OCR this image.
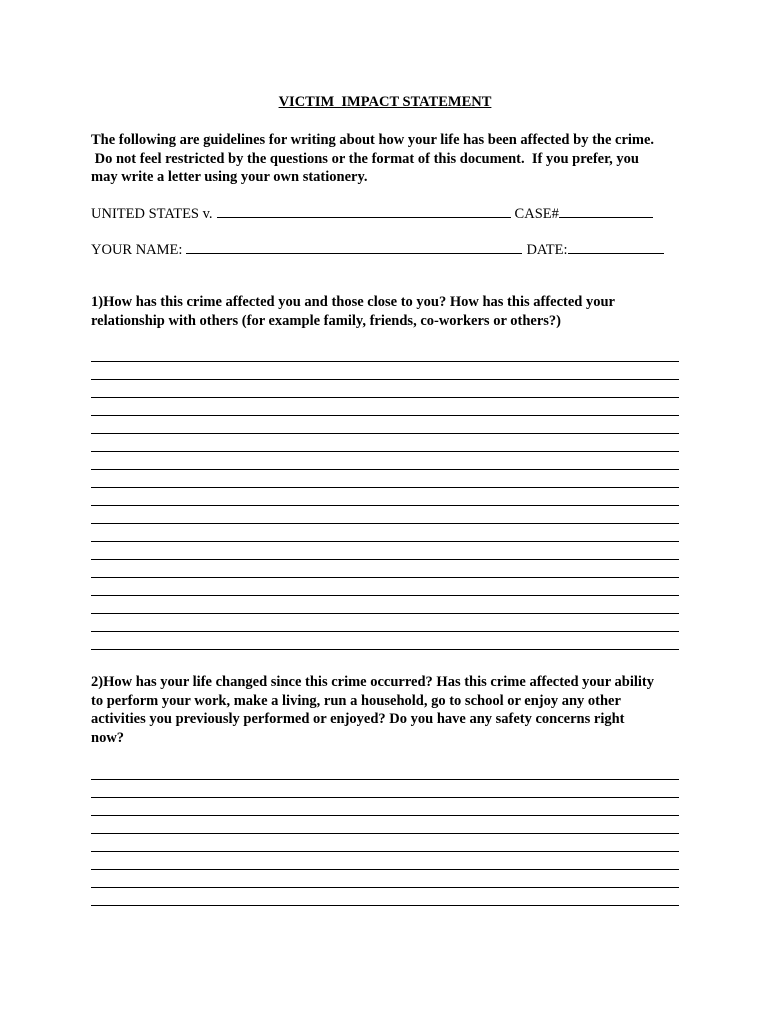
VICTIM  IMPACT STATEMENT
The following are guidelines for writing about how your life has been affected by the crime.
Do not feel restricted by the questions or the format of this document.  If you prefer, you
may write a letter using your own stationery.
UNITED STATES v.	CASE#
YOUR NAME:	DATE:
1)How has this crime affected you and those close to you? How has this affected your
relationship with others (for example family, friends, co-workers or others?)
2)How has your life changed since this crime occurred? Has this crime affected your ability
to perform your work, make a living, run a household, go to school or enjoy any other
activities you previously performed or enjoyed? Do you have any safety concerns right
now?
